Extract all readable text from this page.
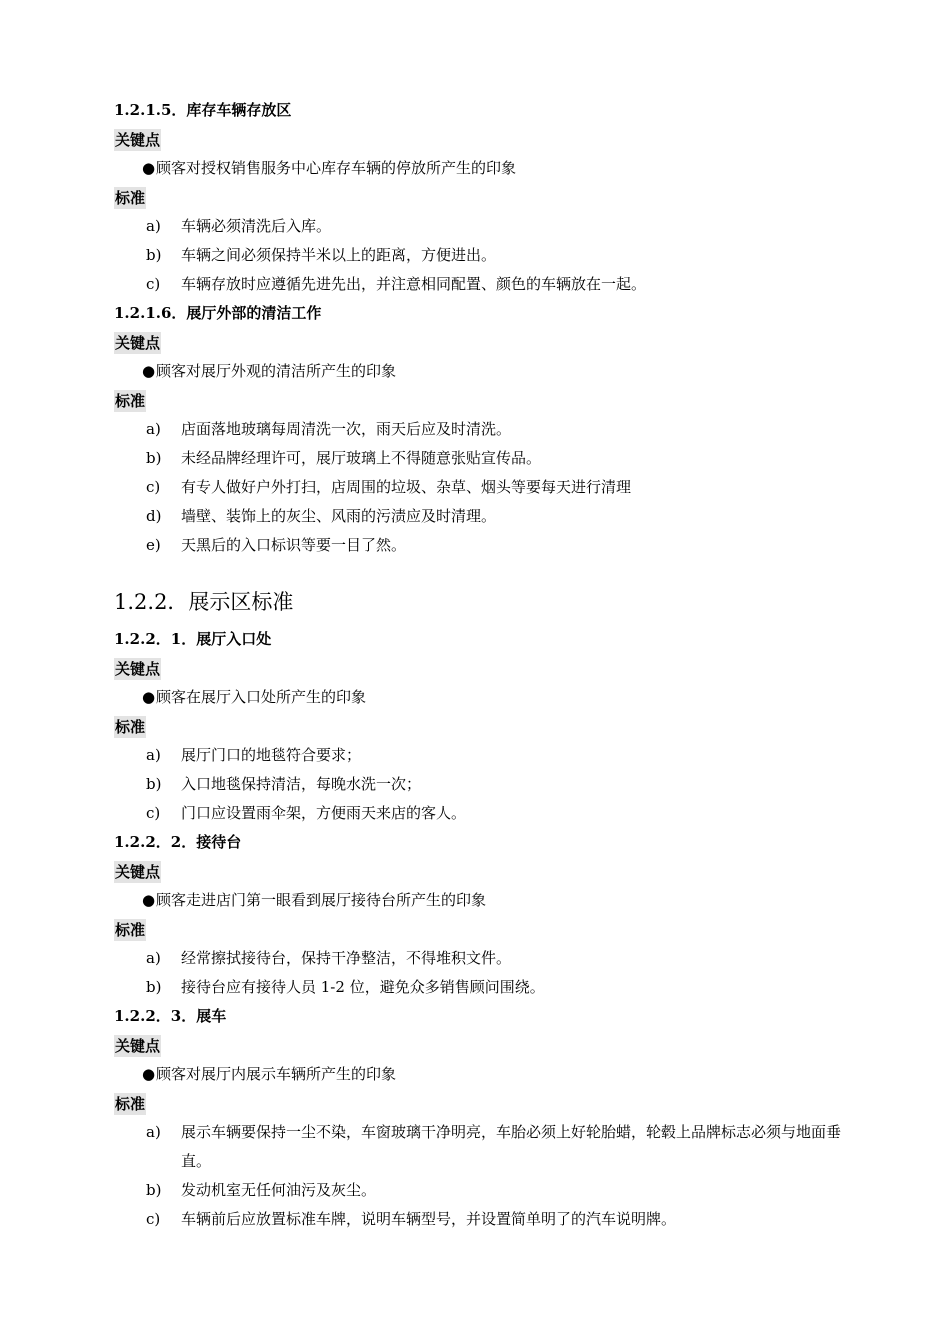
1.2.1.5．库存车辆存放区
关键点
●顾客对授权销售服务中心库存车辆的停放所产生的印象
标准
a)	车辆必须清洗后入库。
b)	车辆之间必须保持半米以上的距离，方便进出。
c)	车辆存放时应遵循先进先出，并注意相同配置、颜色的车辆放在一起。
1.2.1.6．展厅外部的清洁工作
关键点
●顾客对展厅外观的清洁所产生的印象
标准
a)	店面落地玻璃每周清洗一次，雨天后应及时清洗。
b)	未经品牌经理许可，展厅玻璃上不得随意张贴宣传品。
c)	有专人做好户外打扫，店周围的垃圾、杂草、烟头等要每天进行清理
d)	墙壁、装饰上的灰尘、风雨的污渍应及时清理。
e)	天黑后的入口标识等要一目了然。
1.2.2．展示区标准
1.2.2．1．展厅入口处
关键点
●顾客在展厅入口处所产生的印象
标准
a)	展厅门口的地毯符合要求；
b)	入口地毯保持清洁，每晚水洗一次；
c)	门口应设置雨伞架，方便雨天来店的客人。
1.2.2．2．接待台
关键点
●顾客走进店门第一眼看到展厅接待台所产生的印象
标准
a)	经常擦拭接待台，保持干净整洁，不得堆积文件。
b)	接待台应有接待人员 1-2 位，避免众多销售顾问围绕。
1.2.2．3．展车
关键点
●顾客对展厅内展示车辆所产生的印象
标准
a)	展示车辆要保持一尘不染，车窗玻璃干净明亮，车胎必须上好轮胎蜡，轮毂上品牌标志必须与地面垂直。
b)	发动机室无任何油污及灰尘。
c)	车辆前后应放置标准车牌，说明车辆型号，并设置简单明了的汽车说明牌。
